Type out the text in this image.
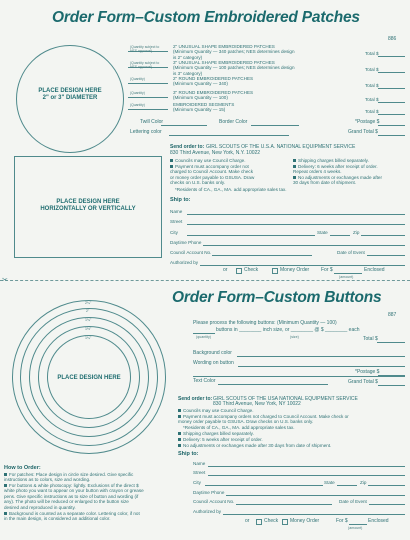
Order Form–Custom Embroidered Patches
886
PLACE DESIGN HERE
2" or 3" DIAMETER
(Quantity subject to
NES approval)
2" UNUSUAL SHAPE EMBROIDERED PATCHES
(Minimum Quantity — 340 patches; NES determines design
is 2" category)
Total $
(Quantity subject to
NES approval)
3" UNUSUAL SHAPE EMBROIDERED PATCHES
(Minimum Quantity — 100 patches; NES determines design
is 3" category)
Total $
(Quantity)	2" ROUND EMBROIDERED PATCHES
(Minimum Quantity — 340)	Total $
(Quantity)	3" ROUND EMBROIDERED PATCHES
(Minimum Quantity — 100)	Total $
(Quantity)	EMBROIDERED SEGMENTS
(Minimum Quantity — 15)	Total $
Twill Color	Border Color	*Postage $
Lettering color	Grand Total $
Send order to: GIRL SCOUTS OF THE U.S.A. NATIONAL EQUIPMENT SERVICE
830 Third Avenue, New York, N.Y. 10022
Councils may use Council Charge.
Payment must accompany order not
charged to Council Account. Make check
or money order payable to GSUSA. Draw
checks on U.S. banks only.
*Residents of CA., GA., MA. add appropriate sales tax.
Shipping charges billed separately.
Delivery: 6 weeks after receipt of order.
Repeat orders 4 weeks.
No adjustments or exchanges made after
30 days from date of shipment.
PLACE DESIGN HERE
HORIZONTALLY OR VERTICALLY
Ship to:
Name
Street
City	State	Zip
Daytime Phone
Council Account No.	Date of Event
Authorized by
or	Check	Money Order For $	Enclosed
(amount)
✂
Order Form–Custom Buttons
887
2¼"
2"
1¾"
1½"
1¼"
PLACE DESIGN HERE
Please process the following buttons: (Minimum Quantity — 100)
buttons in ________ inch size, or ________ @ $ ________ each
(quantity)	(size)	Total $
Background color
Wording on button
*Postage $
Text Color	Grand Total $
Send order to: GIRL SCOUTS OF THE USA NATIONAL EQUIPMENT SERVICE
830 Third Avenue, New York, NY 10022
Councils may use Council Charge.
Payment must accompany orders not charged to Council Account. Make check or
money order payable to GSUSA. Draw checks on U.S. banks only.
*Residents of CA., GA., MA. add appropriate sales tax.
Shipping charges billed separately.
Delivery: 5 weeks after receipt of order.
No adjustments or exchanges made after 30 days from date of shipment.
Ship to:
Name
Street
City	State	Zip
Daytime Phone
Council Account No.	Date of Event
Authorized by
or	Check Money Order	For $	Enclosed
(amount)
How to Order:
For patches: Place design in circle size desired. Give specific
instructions as to colors, size and wording.
For buttons & white photocopy: lightly. Exclusions of the direct $
white photo you want to appear on your button with crayon or grease
pens. Give specific instructions as to size of button and wording (if
any). The photo will be reduced or enlarged to the button size
desired and reproduced in quantity.
Background is counted as a separate color. Lettering color, if not
in the main design, is considered an additional color.
